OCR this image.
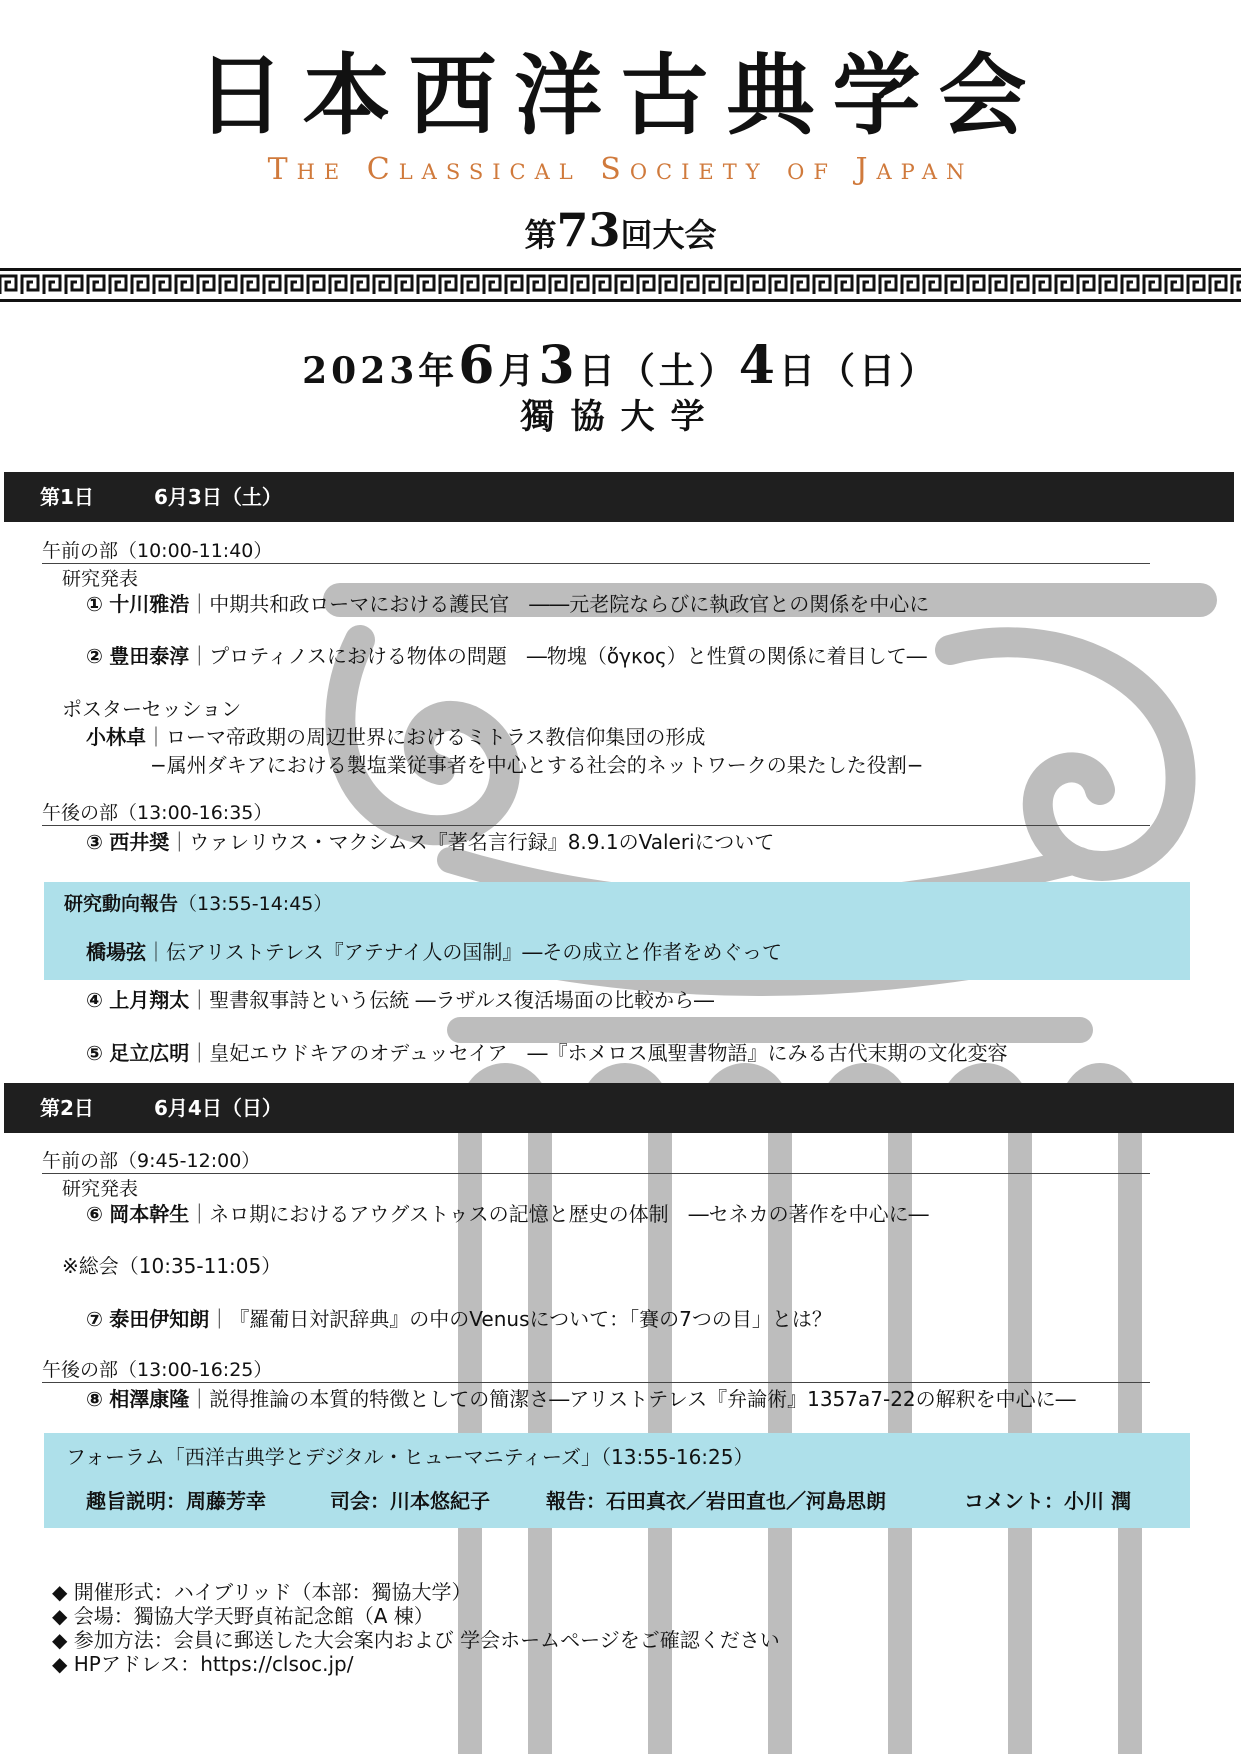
日本西洋古典学会
The Classical Society of Japan
第73回大会
2023年6月3日（土）4日（日）
獨協大学
第1日	6月3日（土）
午前の部（10:00-11:40）
研究発表
① 十川雅浩｜中期共和政ローマにおける護民官　――元老院ならびに執政官との関係を中心に
② 豊田泰淳｜プロティノスにおける物体の問題　―物塊（ὄγκος）と性質の関係に着目して―
ポスターセッション
小林卓｜ローマ帝政期の周辺世界におけるミトラス教信仰集団の形成
−属州ダキアにおける製塩業従事者を中心とする社会的ネットワークの果たした役割−
午後の部（13:00-16:35）
③ 西井奨｜ウァレリウス・マクシムス『著名言行録』8.9.1のValeriについて
研究動向報告（13:55-14:45）
橋場弦｜伝アリストテレス『アテナイ人の国制』―その成立と作者をめぐって
④ 上月翔太｜聖書叙事詩という伝統 ―ラザルス復活場面の比較から―
⑤ 足立広明｜皇妃エウドキアのオデュッセイア　―『ホメロス風聖書物語』にみる古代末期の文化変容
第2日	6月4日（日）
午前の部（9:45-12:00）
研究発表
⑥ 岡本幹生｜ネロ期におけるアウグストゥスの記憶と歴史の体制　―セネカの著作を中心に―
※総会（10:35-11:05）
⑦ 泰田伊知朗｜『羅葡日対訳辞典』の中のVenusについて：「賽の7つの目」とは？
午後の部（13:00-16:25）
⑧ 相澤康隆｜説得推論の本質的特徴としての簡潔さ―アリストテレス『弁論術』1357a7-22の解釈を中心に―
フォーラム「西洋古典学とデジタル・ヒューマニティーズ」（13:55-16:25）
趣旨説明：周藤芳幸	司会：川本悠紀子	報告：石田真衣／岩田直也／河島思朗	コメント：小川 潤
◆ 開催形式：ハイブリッド（本部：獨協大学）
◆ 会場：獨協大学天野貞祐記念館（A 棟）
◆ 参加方法：会員に郵送した大会案内および 学会ホームページをご確認ください
◆ HPアドレス：https://clsoc.jp/
